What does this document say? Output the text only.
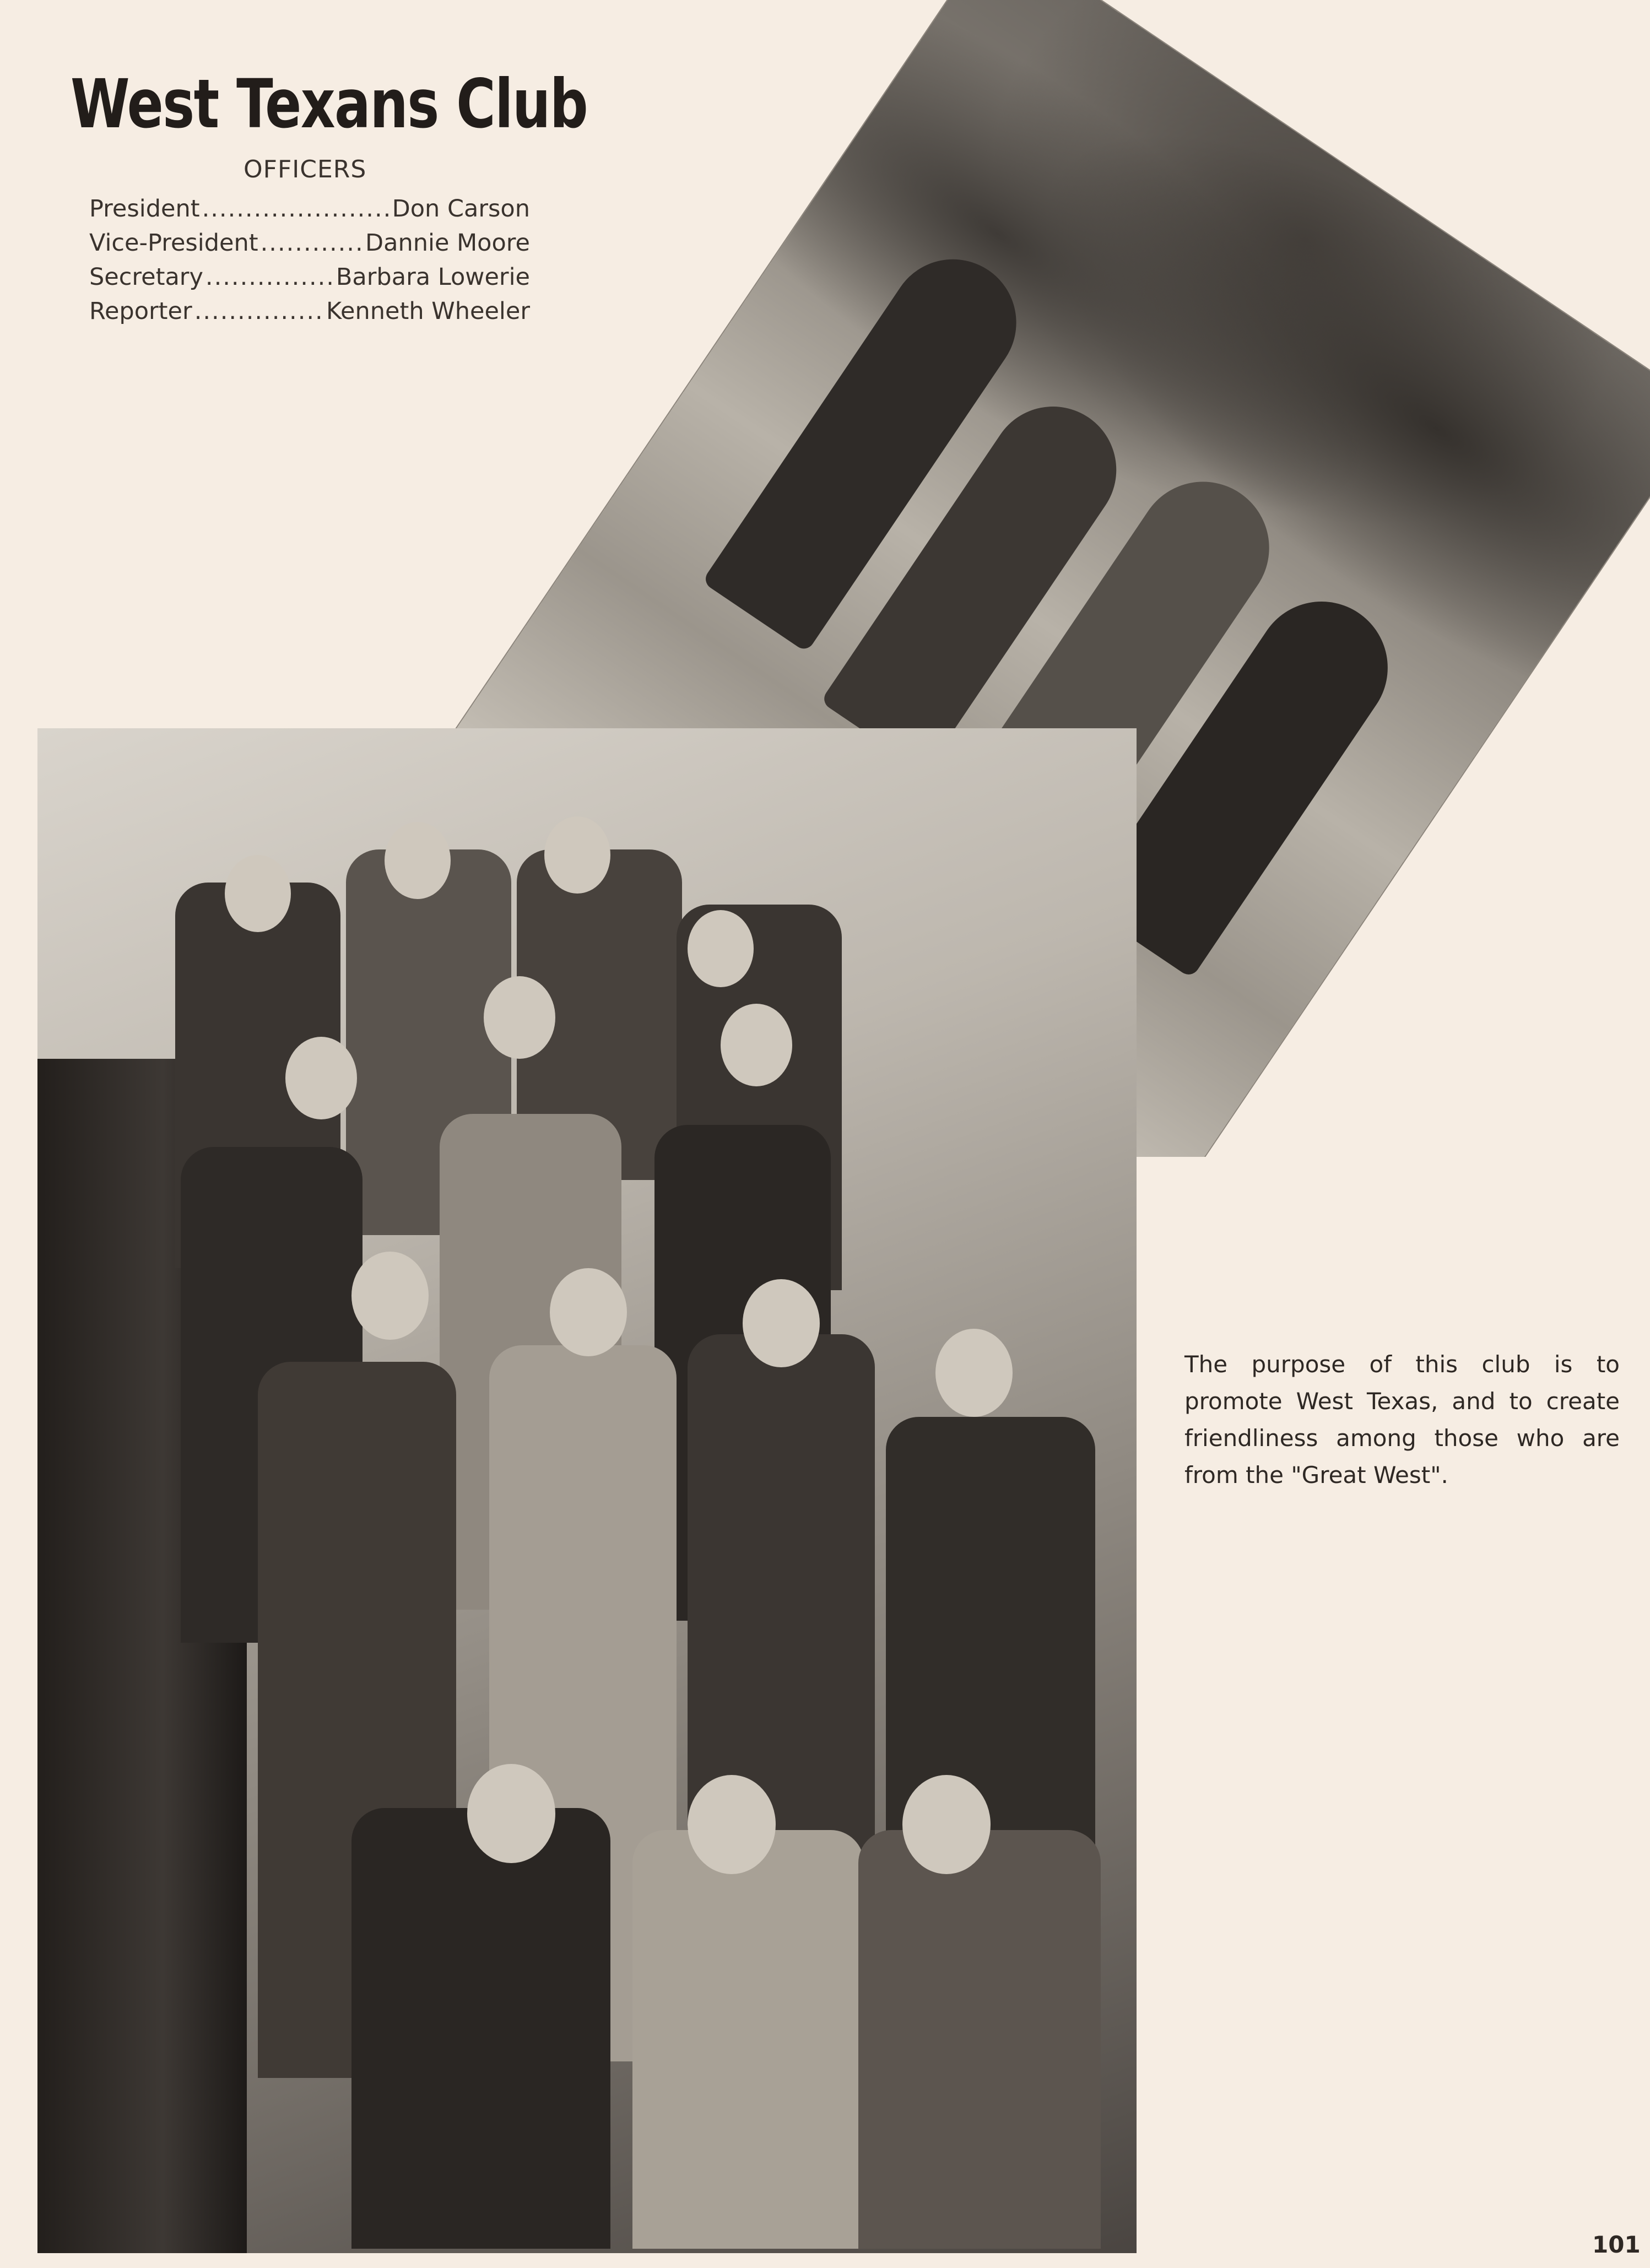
West Texans Club
OFFICERS
President .....	Don Carson
Vice-President .....	Dannie Moore
Secretary .....	Barbara Lowerie
Reporter .....	Kenneth Wheeler
The purpose of this club is to promote West Texas, and to create friendliness among those who are from the "Great West".
101
